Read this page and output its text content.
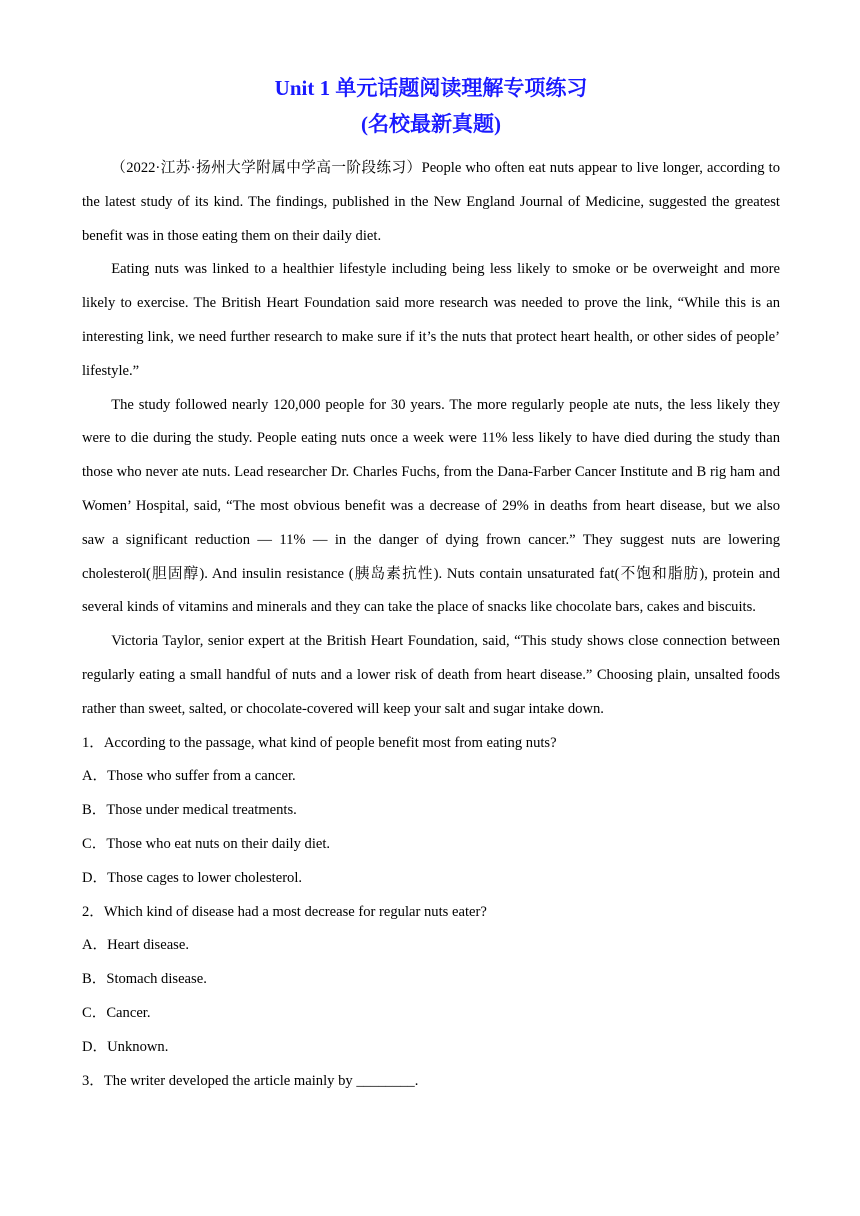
Unit 1 单元话题阅读理解专项练习
(名校最新真题)

（2022·江苏·扬州大学附属中学高一阶段练习）People who often eat nuts appear to live longer, according to the latest study of its kind. The findings, published in the New England Journal of Medicine, suggested the greatest benefit was in those eating them on their daily diet.

Eating nuts was linked to a healthier lifestyle including being less likely to smoke or be overweight and more likely to exercise. The British Heart Foundation said more research was needed to prove the link, “While this is an interesting link, we need further research to make sure if it’s the nuts that protect heart health, or other sides of people’ lifestyle.”

The study followed nearly 120,000 people for 30 years. The more regularly people ate nuts, the less likely they were to die during the study. People eating nuts once a week were 11% less likely to have died during the study than those who never ate nuts. Lead researcher Dr. Charles Fuchs, from the Dana-Farber Cancer Institute and B rig ham and Women’ Hospital, said, “The most obvious benefit was a decrease of 29% in deaths from heart disease, but we also saw a significant reduction — 11% — in the danger of dying frown cancer.” They suggest nuts are lowering cholesterol(胆固醇). And insulin resistance (胰岛素抗性). Nuts contain unsaturated fat(不饱和脂肪), protein and several kinds of vitamins and minerals and they can take the place of snacks like chocolate bars, cakes and biscuits.

Victoria Taylor, senior expert at the British Heart Foundation, said, “This study shows close connection between regularly eating a small handful of nuts and a lower risk of death from heart disease.” Choosing plain, unsalted foods rather than sweet, salted, or chocolate-covered will keep your salt and sugar intake down.

1．According to the passage, what kind of people benefit most from eating nuts?

A．Those who suffer from a cancer.

B．Those under medical treatments.

C．Those who eat nuts on their daily diet.

D．Those cages to lower cholesterol.

2．Which kind of disease had a most decrease for regular nuts eater?

A．Heart disease.

B．Stomach disease.

C．Cancer.

D．Unknown.

3．The writer developed the article mainly by ________.
